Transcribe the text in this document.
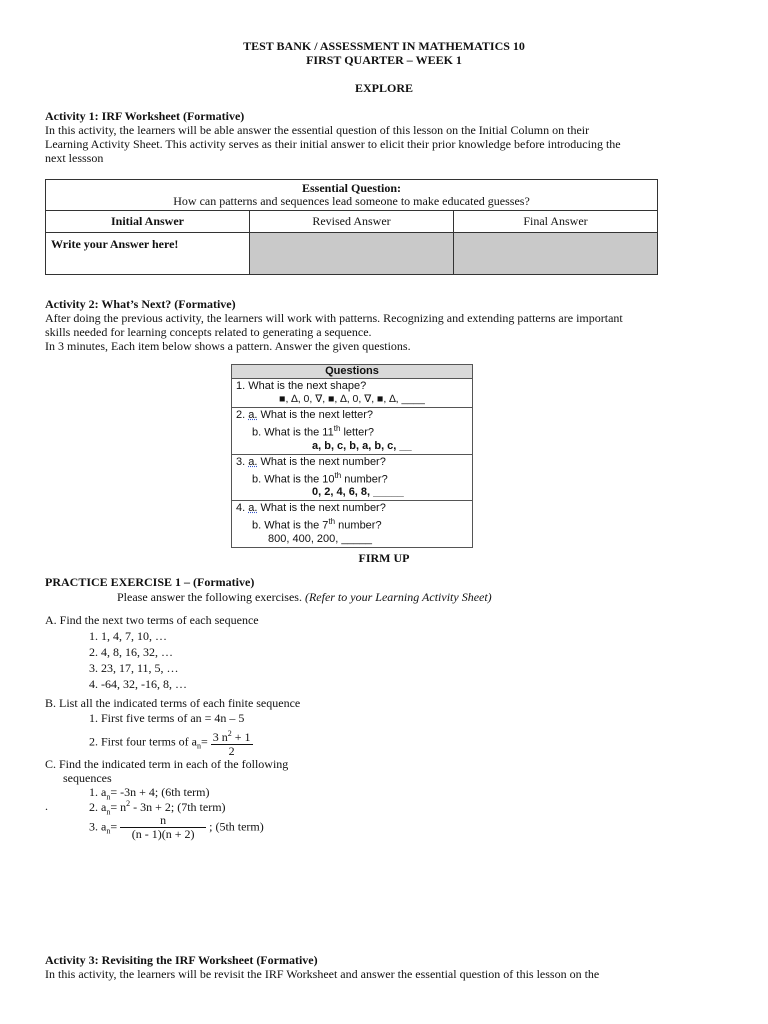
TEST BANK / ASSESSMENT IN MATHEMATICS 10
FIRST QUARTER – WEEK 1
EXPLORE
Activity 1: IRF Worksheet (Formative)
In this activity, the learners will be able answer the essential question of this lesson on the Initial Column on their
Learning Activity Sheet. This activity serves as their initial answer to elicit their prior knowledge before introducing the
next lessson
Essential Question:
How can patterns and sequences lead someone to make educated guesses?		

Initial Answer	Revised Answer	Final Answer
Write your Answer here!		
Activity 2: What’s Next? (Formative)
After doing the previous activity, the learners will work with patterns. Recognizing and extending patterns are important
skills needed for learning concepts related to generating a sequence.
In 3 minutes, Each item below shows a pattern. Answer the given questions.
Questions

1. What is the next shape?
■, ∆, 0, ∇, ■, ∆, 0, ∇, ■, ∆, ____

2. a. What is the next letter?
b. What is the 11th letter?
a, b, c, b, a, b, c, __

3. a. What is the next number?
b. What is the 10th number?
0, 2, 4, 6, 8, _____

4. a. What is the next number?
b. What is the 7th number?
800, 400, 200, _____
FIRM UP
PRACTICE EXERCISE 1 – (Formative)
Please answer the following exercises. (Refer to your Learning Activity Sheet)
A. Find the next two terms of each sequence
1. 1, 4, 7, 10, …
2. 4, 8, 16, 32, …
3. 23, 17, 11, 5, …
4. -64, 32, -16, 8, …
B. List all the indicated terms of each finite sequence
1. First five terms of an = 4n – 5
2. First four terms of $a_n= \frac{3 n^2 + 1}{2}$
C. Find the indicated term in each of the following
sequences
1. $a_n= -3n + 4$; (6th term)
.	2. $a_n= n^2 - 3n + 2$; (7th term)
3. $a_n= \frac{n}{(n - 1)(n + 2)}$ ; (5th term)
Activity 3: Revisiting the IRF Worksheet (Formative)
In this activity, the learners will be revisit the IRF Worksheet and answer the essential question of this lesson on the
